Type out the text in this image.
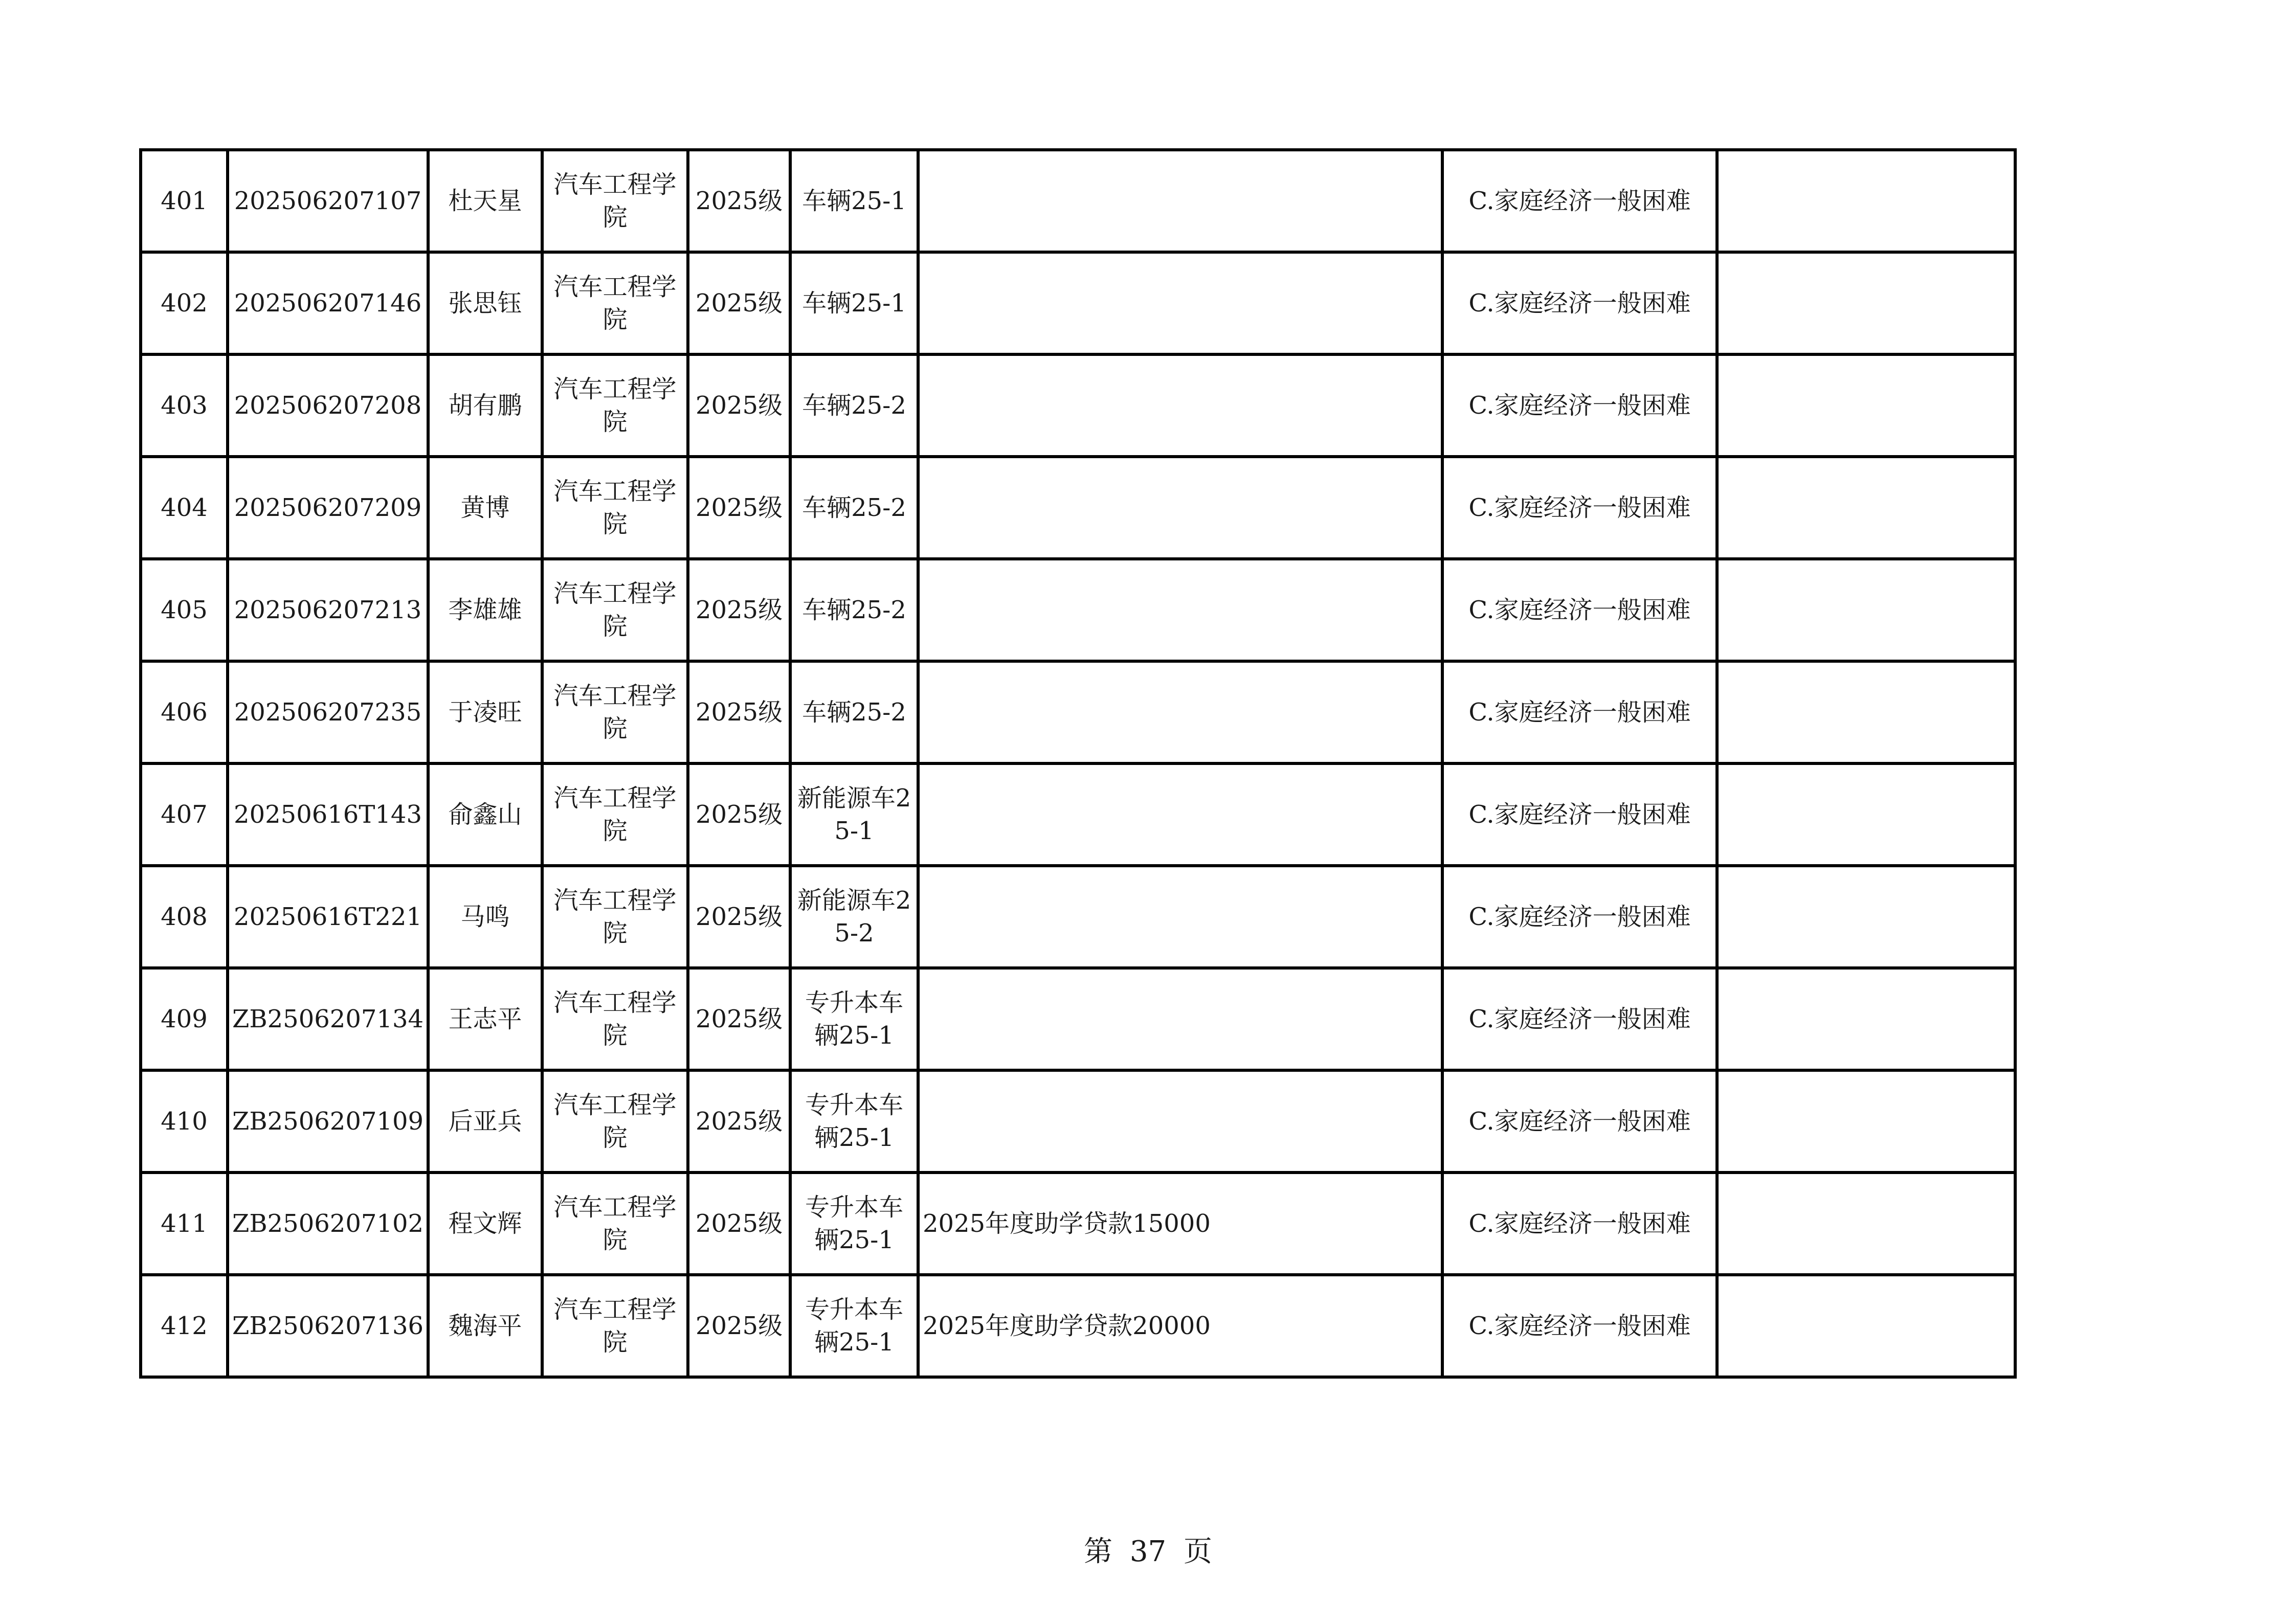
401	202506207107	杜天星	汽车工程学院	2025级	车辆25-1		C.家庭经济一般困难	
402	202506207146	张思钰	汽车工程学院	2025级	车辆25-1		C.家庭经济一般困难	
403	202506207208	胡有鹏	汽车工程学院	2025级	车辆25-2		C.家庭经济一般困难	
404	202506207209	黄博	汽车工程学院	2025级	车辆25-2		C.家庭经济一般困难	
405	202506207213	李雄雄	汽车工程学院	2025级	车辆25-2		C.家庭经济一般困难	
406	202506207235	于凌旺	汽车工程学院	2025级	车辆25-2		C.家庭经济一般困难	
407	20250616T143	俞鑫山	汽车工程学院	2025级	新能源车25-1		C.家庭经济一般困难	
408	20250616T221	马鸣	汽车工程学院	2025级	新能源车25-2		C.家庭经济一般困难	
409	ZB2506207134	王志平	汽车工程学院	2025级	专升本车辆25-1		C.家庭经济一般困难	
410	ZB2506207109	后亚兵	汽车工程学院	2025级	专升本车辆25-1		C.家庭经济一般困难	
411	ZB2506207102	程文辉	汽车工程学院	2025级	专升本车辆25-1	2025年度助学贷款15000	C.家庭经济一般困难	
412	ZB2506207136	魏海平	汽车工程学院	2025级	专升本车辆25-1	2025年度助学贷款20000	C.家庭经济一般困难	
第 37 页
